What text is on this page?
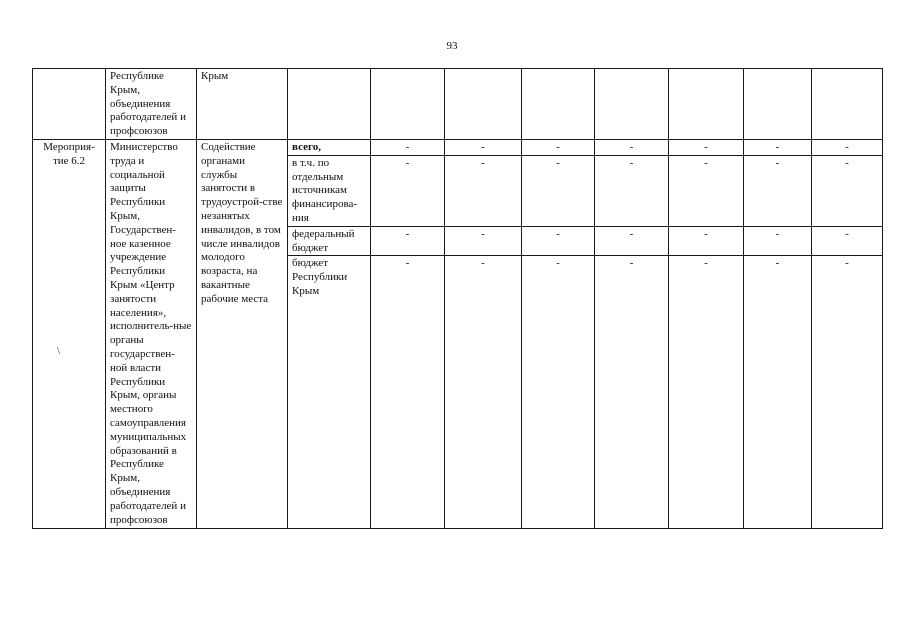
93
	Республике Крым, объединения работодателей и профсоюзов	Крым								
Мероприя-тие 6.2	Министерство труда и социальной защиты Республики Крым, Государствен-ное казенное учреждение Республики Крым «Центр занятости населения», исполнитель-ные органы государствен-ной власти Республики Крым, органы местного самоуправления муниципальных образований в Республике Крым, объединения работодателей и профсоюзов	Содействие органами службы занятости в трудоустрой-стве незанятых инвалидов, в том числе инвалидов молодого возраста, на вакантные рабочие места	всего,	-	-	-	-	-	-	-
			в т.ч. по отдельным источникам финансирова-ния	-	-	-	-	-	-	-
			федеральный бюджет	-	-	-	-	-	-	-
			бюджет Республики Крым	-	-	-	-	-	-	-
\
